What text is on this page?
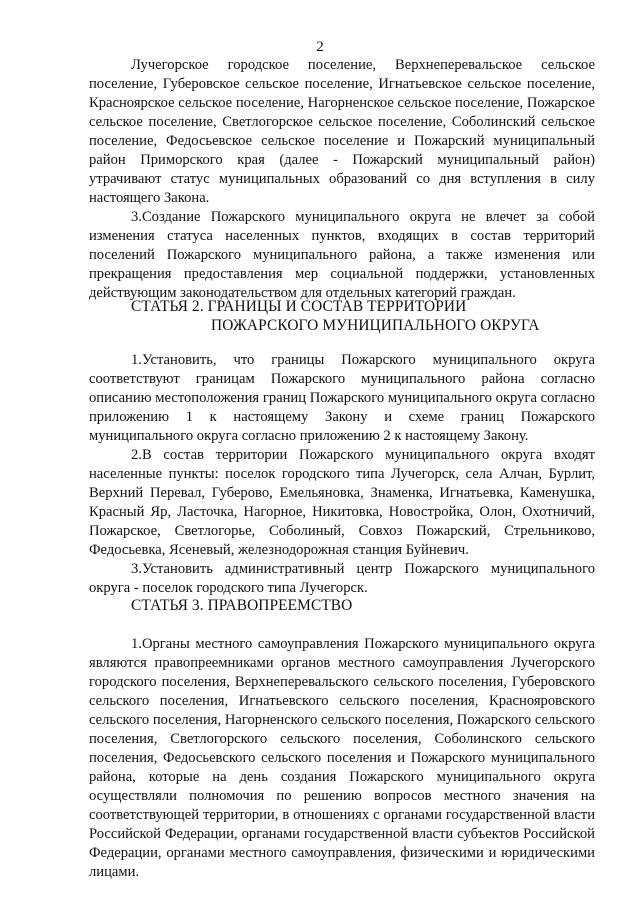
2

Лучегорское городское поселение, Верхнеперевальское сельское поселение, Губеровское сельское поселение, Игнатьевское сельское поселение, Красноярское сельское поселение, Нагорненское сельское поселение, Пожарское сельское поселение, Светлогорское сельское поселение, Соболинский сельское поселение, Федосьевское сельское поселение и Пожарский муниципальный район Приморского края (далее - Пожарский муниципальный район) утрачивают статус муниципальных образований со дня вступления в силу настоящего Закона.

3.Создание Пожарского муниципального округа не влечет за собой изменения статуса населенных пунктов, входящих в состав территорий поселений Пожарского муниципального района, а также изменения или прекращения предоставления мер социальной поддержки, установленных действующим законодательством для отдельных категорий граждан.

СТАТЬЯ 2. ГРАНИЦЫ И СОСТАВ ТЕРРИТОРИИ
ПОЖАРСКОГО МУНИЦИПАЛЬНОГО ОКРУГА

1.Установить, что границы Пожарского муниципального округа соответствуют границам Пожарского муниципального района согласно описанию местоположения границ Пожарского муниципального округа согласно приложению 1 к настоящему Закону и схеме границ Пожарского муниципального округа согласно приложению 2 к настоящему Закону.

2.В состав территории Пожарского муниципального округа входят населенные пункты: поселок городского типа Лучегорск, села Алчан, Бурлит, Верхний Перевал, Губерово, Емельяновка, Знаменка, Игнатьевка, Каменушка, Красный Яр, Ласточка, Нагорное, Никитовка, Новостройка, Олон, Охотничий, Пожарское, Светлогорье, Соболиный, Совхоз Пожарский, Стрельниково, Федосьевка, Ясеневый, железнодорожная станция Буйневич.

3.Установить административный центр Пожарского муниципального округа - поселок городского типа Лучегорск.

СТАТЬЯ 3. ПРАВОПРЕЕМСТВО

1.Органы местного самоуправления Пожарского муниципального округа являются правопреемниками органов местного самоуправления Лучегорского городского поселения, Верхнеперевальского сельского поселения, Губеровского сельского поселения, Игнатьевского сельского поселения, Краснояровского сельского поселения, Нагорненского сельского поселения, Пожарского сельского поселения, Светлогорского сельского поселения, Соболинского сельского поселения, Федосьевского сельского поселения и Пожарского муниципального района, которые на день создания Пожарского муниципального округа осуществляли полномочия по решению вопросов местного значения на соответствующей территории, в отношениях с органами государственной власти Российской Федерации, органами государственной власти субъектов Российской Федерации, органами местного самоуправления, физическими и юридическими лицами.
